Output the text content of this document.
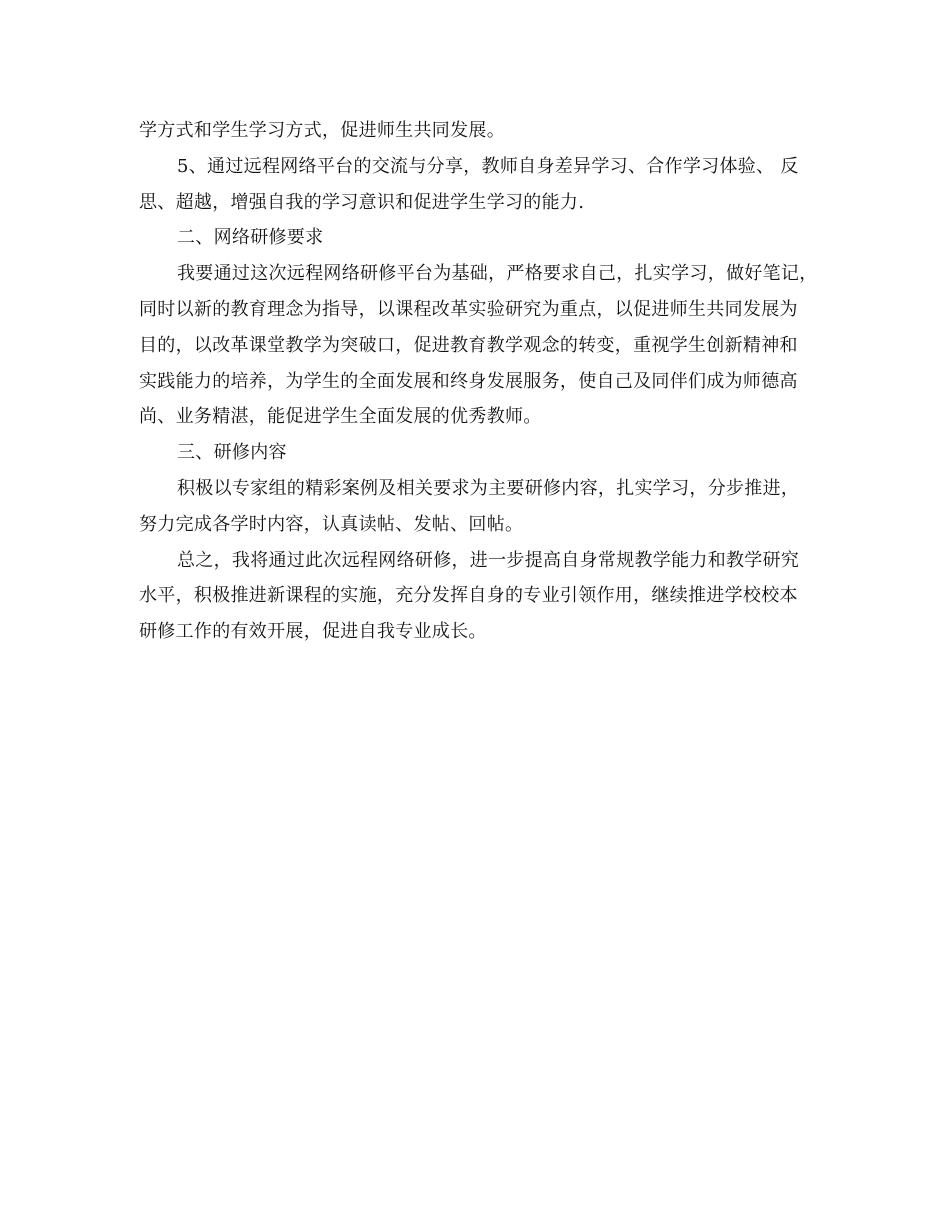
学方式和学生学习方式，促进师生共同发展。
5、通过远程网络平台的交流与分享，教师自身差异学习、合作学习体验、 反
思、超越，增强自我的学习意识和促进学生学习的能力.
二、网络研修要求
我要通过这次远程网络研修平台为基础，严格要求自己，扎实学习，做好笔记，
同时以新的教育理念为指导，以课程改革实验研究为重点，以促进师生共同发展为
目的，以改革课堂教学为突破口，促进教育教学观念的转变，重视学生创新精神和
实践能力的培养，为学生的全面发展和终身发展服务，使自己及同伴们成为师德高
尚、业务精湛，能促进学生全面发展的优秀教师。
三、研修内容
积极以专家组的精彩案例及相关要求为主要研修内容，扎实学习，分步推进，
努力完成各学时内容，认真读帖、发帖、回帖。
总之，我将通过此次远程网络研修，进一步提高自身常规教学能力和教学研究
水平，积极推进新课程的实施，充分发挥自身的专业引领作用，继续推进学校校本
研修工作的有效开展，促进自我专业成长。
